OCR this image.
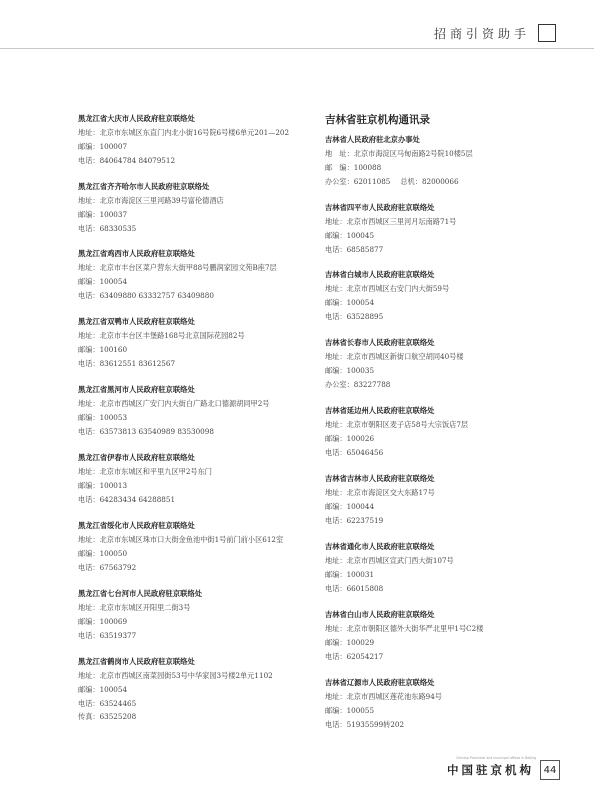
招商引资助手
黑龙江省大庆市人民政府驻京联络处
地址：北京市东城区东直门内北小街16号院6号楼6单元201—202
邮编：100007
电话：84064784 84079512
黑龙江省齐齐哈尔市人民政府驻京联络处
地址：北京市海淀区三里河路39号富伦德酒店
邮编：100037
电话：68330535
黑龙江省鸡西市人民政府驻京联络处
地址：北京市丰台区菜户营东大街甲88号鹏润家园文苑B座7层
邮编：100054
电话：63409880 63332757 63409880
黑龙江省双鸭市人民政府驻京联络处
地址：北京市丰台区丰堡路168号北京国际花园82号
邮编：100160
电话：83612551 83612567
黑龙江省黑河市人民政府驻京联络处
地址：北京市西城区广安门内大街白广路北口德源胡同甲2号
邮编：100053
电话：63573813 63540989 83530098
黑龙江省伊春市人民政府驻京联络处
地址：北京市东城区和平里九区甲2号东门
邮编：100013
电话：64283434 64288851
黑龙江省绥化市人民政府驻京联络处
地址：北京市东城区珠市口大街金鱼池中街1号前门前小区612室
邮编：100050
电话：67563792
黑龙江省七台河市人民政府驻京联络处
地址：北京市东城区开阳里二街3号
邮编：100069
电话：63519377
黑龙江省鹤岗市人民政府驻京联络处
地址：北京市西城区南菜园街53号中华家园3号楼2单元1102
邮编：100054
电话：63524465
传真：63525208
吉林省驻京机构通讯录
吉林省人民政府驻北京办事处
地　址：北京市海淀区马甸南路2号院10楼5层
邮　编：100088
办公室：62011085 总机：82000066
吉林省四平市人民政府驻京联络处
地址：北京市西城区三里河月坛南路71号
邮编：100045
电话：68585877
吉林省白城市人民政府驻京联络处
地址：北京市西城区右安门内大街59号
邮编：100054
电话：63528895
吉林省长春市人民政府驻京联络处
地址：北京市西城区新街口航空胡同40号楼
邮编：100035
办公室：83227788
吉林省延边州人民政府驻京联络处
地址：北京市朝阳区麦子店58号大宗饭店7层
邮编：100026
电话：65046456
吉林省吉林市人民政府驻京联络处
地址：北京市海淀区交大东路17号
邮编：100044
电话：62237519
吉林省通化市人民政府驻京联络处
地址：北京市西城区宣武门西大街107号
邮编：100031
电话：66015808
吉林省白山市人民政府驻京联络处
地址：北京市朝阳区德外大街华严北里甲1号C2楼
邮编：100029
电话：62054217
吉林省辽源市人民政府驻京联络处
地址：北京市西城区莲花池东路94号
邮编：100055
电话：51935599转202
Chinese Provincial and municipal offices in Beijing
中国驻京机构 44
